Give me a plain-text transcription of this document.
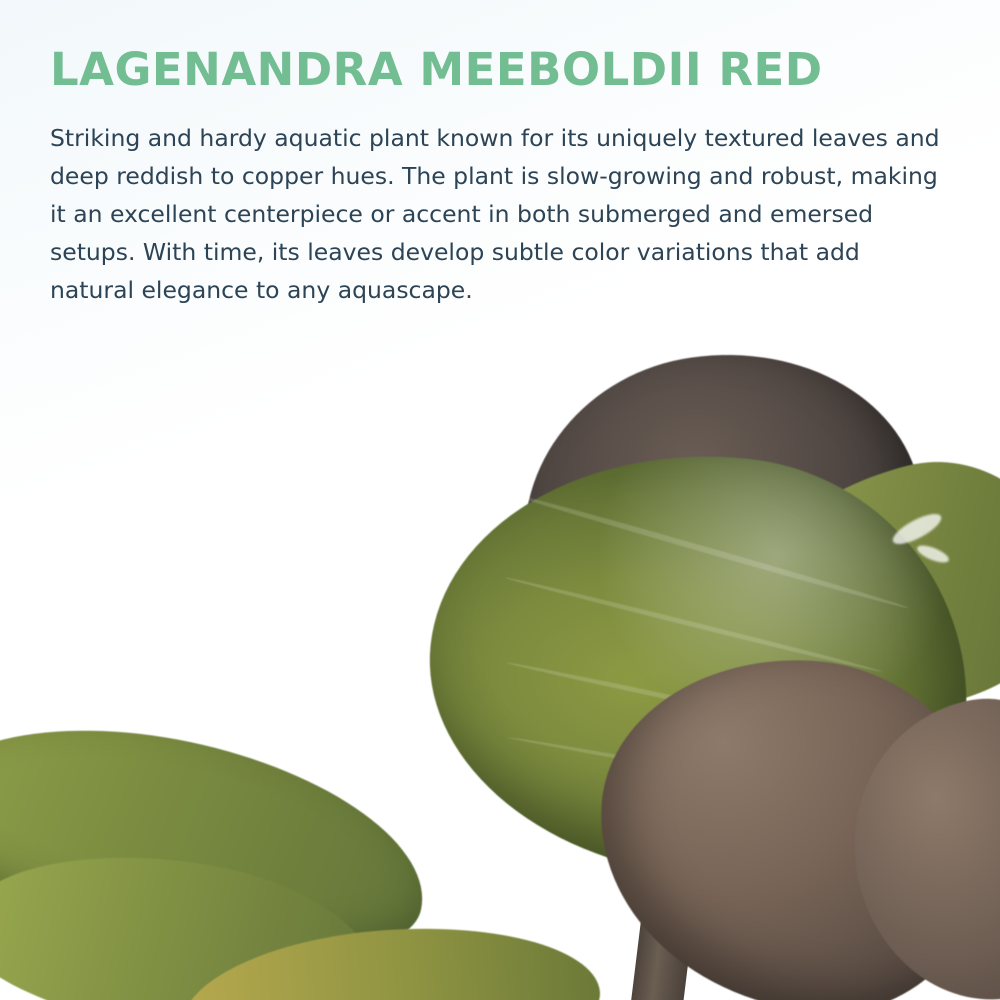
LAGENANDRA MEEBOLDII RED

Striking and hardy aquatic plant known for its uniquely textured leaves and deep reddish to copper hues. The plant is slow-growing and robust, making it an excellent centerpiece or accent in both submerged and emersed setups. With time, its leaves develop subtle color variations that add natural elegance to any aquascape.
